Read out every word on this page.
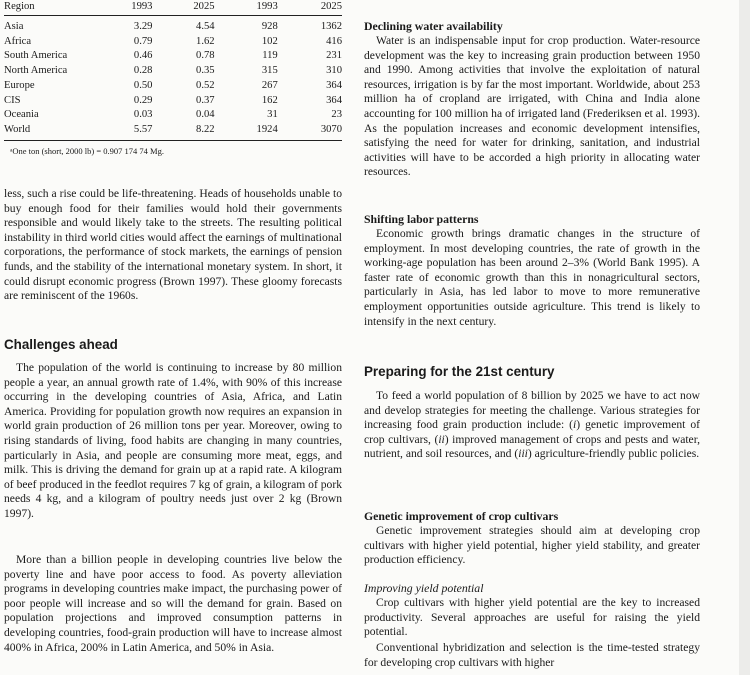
Region	1993	2025	1993	2025
Asia	3.29	4.54	928	1362
Africa	0.79	1.62	102	416
South America	0.46	0.78	119	231
North America	0.28	0.35	315	310
Europe	0.50	0.52	267	364
CIS	0.29	0.37	162	364
Oceania	0.03	0.04	31	23
World	5.57	8.22	1924	3070
ᵃOne ton (short, 2000 lb) = 0.907 174 74 Mg.

less, such a rise could be life-threatening. Heads of households unable to buy enough food for their families would hold their governments responsible and would likely take to the streets. The resulting political instability in third world cities would affect the earnings of multinational corporations, the performance of stock markets, the earnings of pension funds, and the stability of the international monetary system. In short, it could disrupt economic progress (Brown 1997). These gloomy forecasts are reminiscent of the 1960s.

Challenges ahead

The population of the world is continuing to increase by 80 million people a year, an annual growth rate of 1.4%, with 90% of this increase occurring in the developing countries of Asia, Africa, and Latin America. Providing for population growth now requires an expansion in world grain production of 26 million tons per year. Moreover, owing to rising standards of living, food habits are changing in many countries, particularly in Asia, and people are consuming more meat, eggs, and milk. This is driving the demand for grain up at a rapid rate. A kilogram of beef produced in the feedlot requires 7 kg of grain, a kilogram of pork needs 4 kg, and a kilogram of poultry needs just over 2 kg (Brown 1997).

More than a billion people in developing countries live below the poverty line and have poor access to food. As poverty alleviation programs in developing countries make impact, the purchasing power of poor people will increase and so will the demand for grain. Based on population projections and improved consumption patterns in developing countries, food-grain production will have to increase almost 400% in Africa, 200% in Latin America, and 50% in Asia.

Declining water availability

Water is an indispensable input for crop production. Water-resource development was the key to increasing grain production between 1950 and 1990. Among activities that involve the exploitation of natural resources, irrigation is by far the most important. Worldwide, about 253 million ha of cropland are irrigated, with China and India alone accounting for 100 million ha of irrigated land (Frederiksen et al. 1993). As the population increases and economic development intensifies, satisfying the need for water for drinking, sanitation, and industrial activities will have to be accorded a high priority in allocating water resources.

Shifting labor patterns

Economic growth brings dramatic changes in the structure of employment. In most developing countries, the rate of growth in the working-age population has been around 2–3% (World Bank 1995). A faster rate of economic growth than this in nonagricultural sectors, particularly in Asia, has led labor to move to more remunerative employment opportunities outside agriculture. This trend is likely to intensify in the next century.

Preparing for the 21st century

To feed a world population of 8 billion by 2025 we have to act now and develop strategies for meeting the challenge. Various strategies for increasing food grain production include: (i) genetic improvement of crop cultivars, (ii) improved management of crops and pests and water, nutrient, and soil resources, and (iii) agriculture-friendly public policies.

Genetic improvement of crop cultivars

Genetic improvement strategies should aim at developing crop cultivars with higher yield potential, higher yield stability, and greater production efficiency.

Improving yield potential

Crop cultivars with higher yield potential are the key to increased productivity. Several approaches are useful for raising the yield potential.

Conventional hybridization and selection is the time-tested strategy for developing crop cultivars with higher
